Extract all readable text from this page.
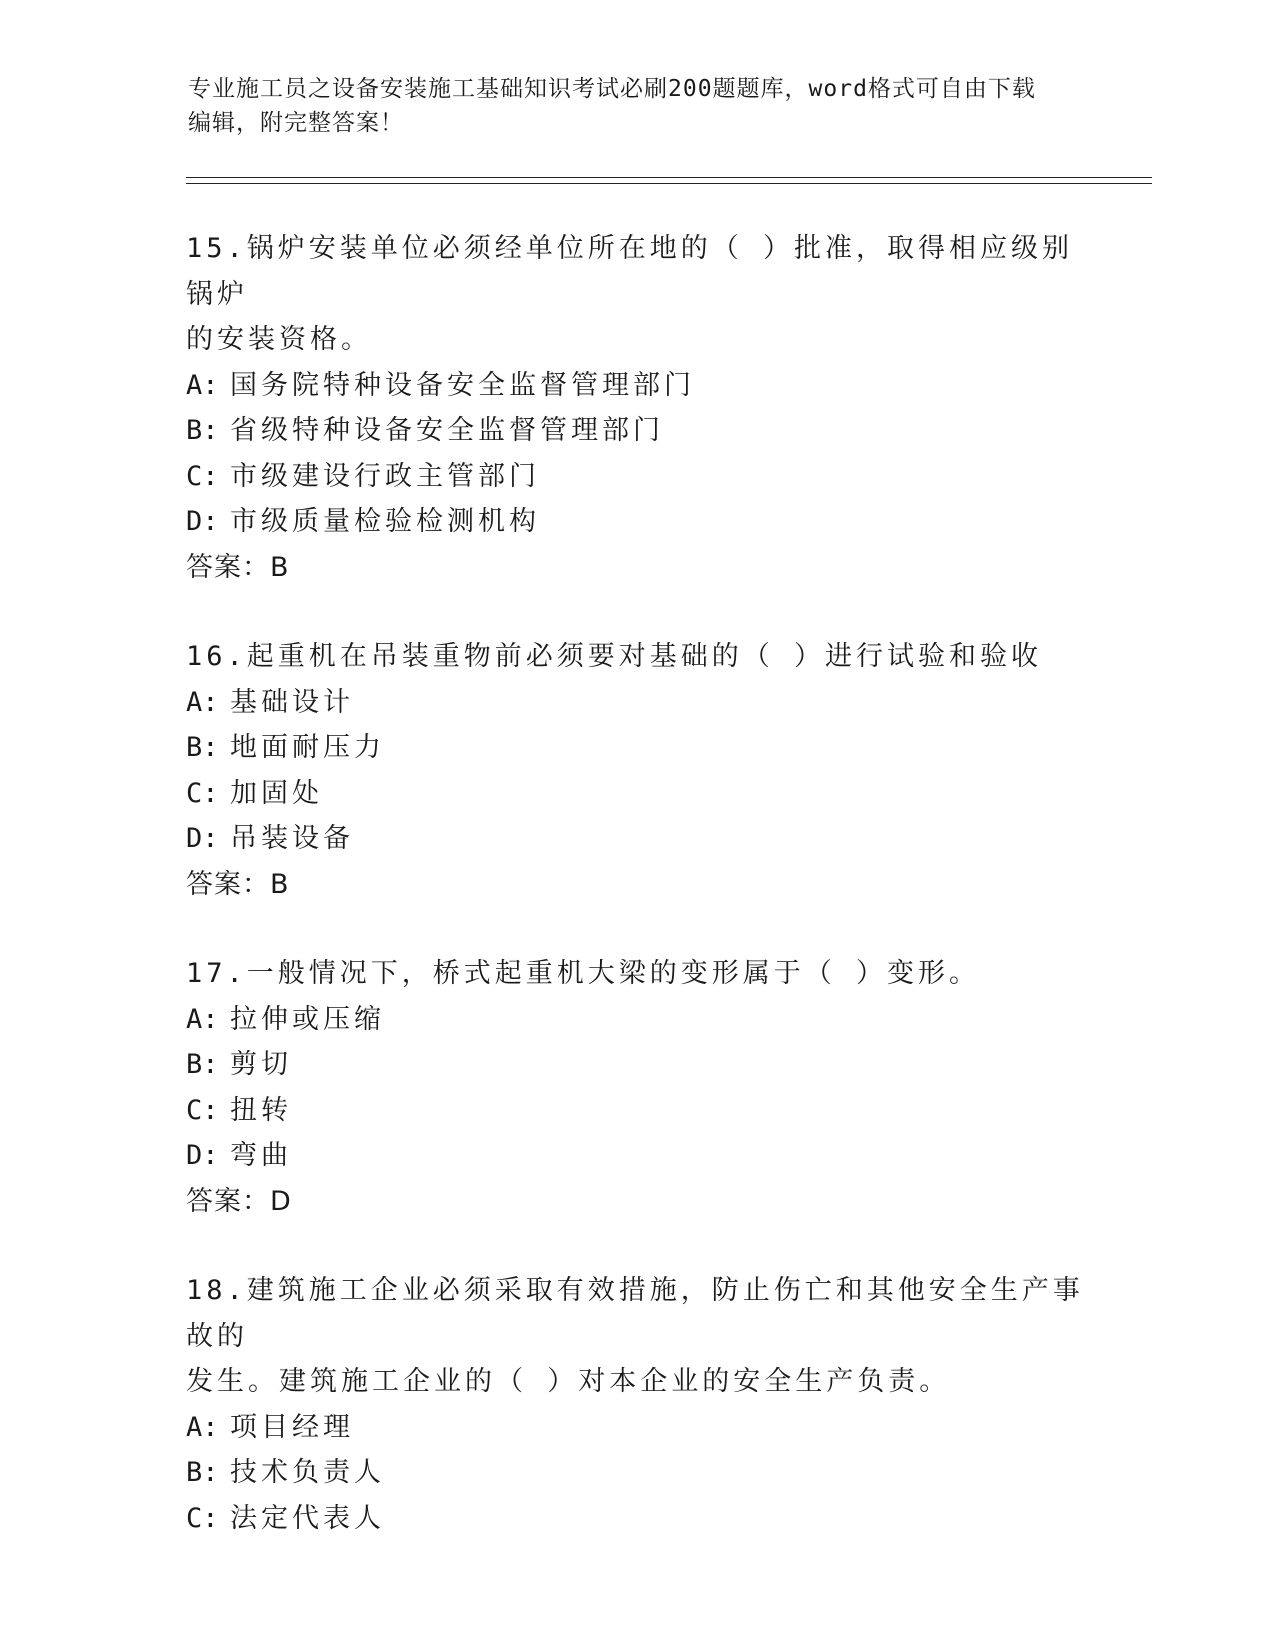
专业施工员之设备安装施工基础知识考试必刷200题题库，word格式可自由下载
编辑，附完整答案！
15.锅炉安装单位必须经单位所在地的（ ）批准，取得相应级别锅炉
的安装资格。
A: 国务院特种设备安全监督管理部门
B: 省级特种设备安全监督管理部门
C: 市级建设行政主管部门
D: 市级质量检验检测机构
答案：B
16.起重机在吊装重物前必须要对基础的（ ）进行试验和验收
A: 基础设计
B: 地面耐压力
C: 加固处
D: 吊装设备
答案：B
17.一般情况下，桥式起重机大梁的变形属于（ ）变形。
A: 拉伸或压缩
B: 剪切
C: 扭转
D: 弯曲
答案：D
18.建筑施工企业必须采取有效措施，防止伤亡和其他安全生产事故的
发生。建筑施工企业的（ ）对本企业的安全生产负责。
A: 项目经理
B: 技术负责人
C: 法定代表人
